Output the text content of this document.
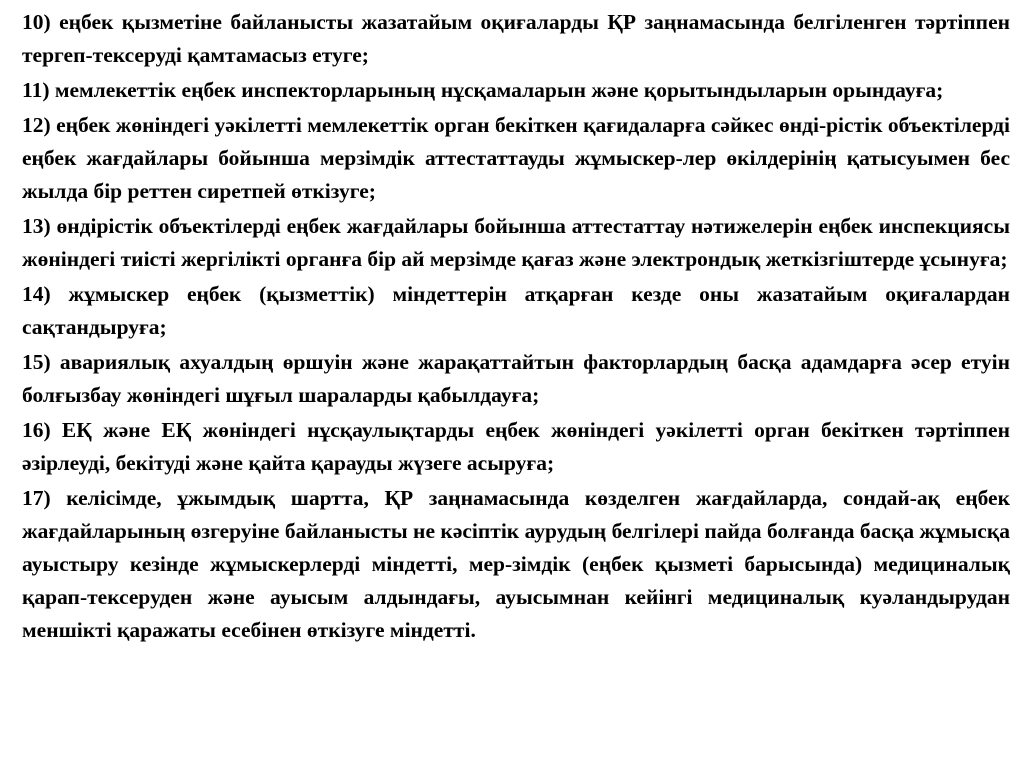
10) еңбек қызметіне байланысты жазатайым оқиғаларды ҚР заңнамасында белгіленген тәртіппен тергеп-тексеруді қамтамасыз етуге;

11) мемлекеттік еңбек инспекторларының нұсқамаларын және қорытындыларын орындауға;

12) еңбек жөніндегі уәкілетті мемлекеттік орган бекіткен қағидаларға сәйкес өнді-рістік объектілерді еңбек жағдайлары бойынша мерзімдік аттестаттауды жұмыскер-лер өкілдерінің қатысуымен бес жылда бір реттен сиретпей өткізуге;

13) өндірістік объектілерді еңбек жағдайлары бойынша аттестаттау нәтижелерін еңбек инспекциясы жөніндегі тиісті жергілікті органға бір ай мерзімде қағаз және электрондық жеткізгіштерде ұсынуға;

14) жұмыскер еңбек (қызметтік) міндеттерін атқарған кезде оны жазатайым оқиғалардан сақтандыруға;

15) авариялық ахуалдың өршуін және жарақаттайтын факторлардың басқа адамдарға әсер етуін болғызбау жөніндегі шұғыл шараларды қабылдауға;

16) ЕҚ және ЕҚ жөніндегі нұсқаулықтарды еңбек жөніндегі уәкілетті орган бекіткен тәртіппен әзірлеуді, бекітуді және қайта қарауды жүзеге асыруға;

17) келісімде, ұжымдық шартта, ҚР заңнамасында көзделген жағдайларда, сондай-ақ еңбек жағдайларының өзгеруіне байланысты не кәсіптік аурудың белгілері пайда болғанда басқа жұмысқа ауыстыру кезінде жұмыскерлерді міндетті, мер-зімдік (еңбек қызметі барысында) медициналық қарап-тексеруден және ауысым алдындағы, ауысымнан кейінгі медициналық куәландырудан меншікті қаражаты есебінен өткізуге міндетті.
